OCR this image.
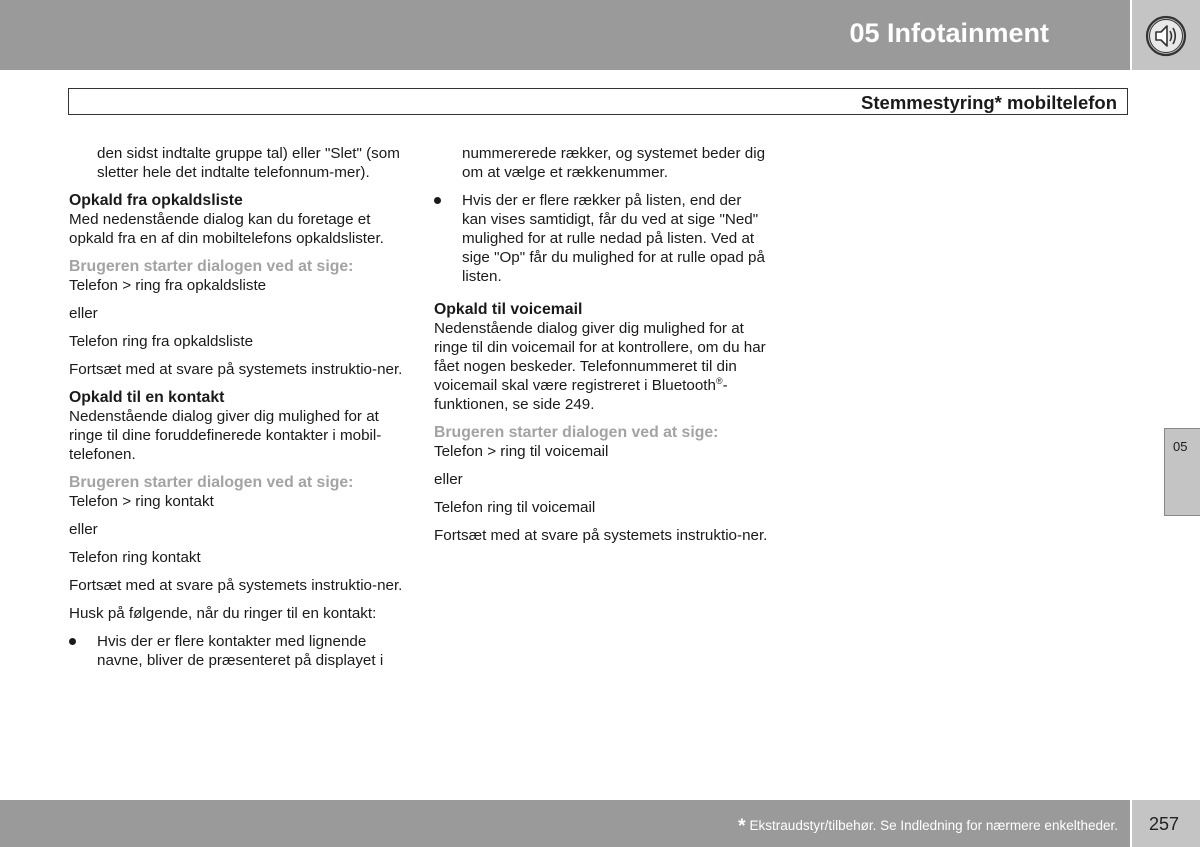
05 Infotainment
Stemmestyring* mobiltelefon

den sidst indtalte gruppe tal) eller "Slet" (som sletter hele det indtalte telefonnum-mer).

Opkald fra opkaldsliste

Med nedenstående dialog kan du foretage et opkald fra en af din mobiltelefons opkaldslister.

Brugeren starter dialogen ved at sige:

Telefon > ring fra opkaldsliste

eller

Telefon ring fra opkaldsliste

Fortsæt med at svare på systemets instruktio-ner.

Opkald til en kontakt

Nedenstående dialog giver dig mulighed for at ringe til dine foruddefinerede kontakter i mobil-telefonen.

Brugeren starter dialogen ved at sige:

Telefon > ring kontakt

eller

Telefon ring kontakt

Fortsæt med at svare på systemets instruktio-ner.

Husk på følgende, når du ringer til en kontakt:

Hvis der er flere kontakter med lignende navne, bliver de præsenteret på displayet i

nummererede rækker, og systemet beder dig om at vælge et rækkenummer.

Hvis der er flere rækker på listen, end der kan vises samtidigt, får du ved at sige "Ned" mulighed for at rulle nedad på listen. Ved at sige "Op" får du mulighed for at rulle opad på listen.
Opkald til voicemail

Nedenstående dialog giver dig mulighed for at ringe til din voicemail for at kontrollere, om du har fået nogen beskeder. Telefonnummeret til din voicemail skal være registreret i Bluetooth®-funktionen, se side 249.

Brugeren starter dialogen ved at sige:

Telefon > ring til voicemail

eller

Telefon ring til voicemail

Fortsæt med at svare på systemets instruktio-ner.

05
* Ekstraudstyr/tilbehør. Se Indledning for nærmere enkeltheder. 257
